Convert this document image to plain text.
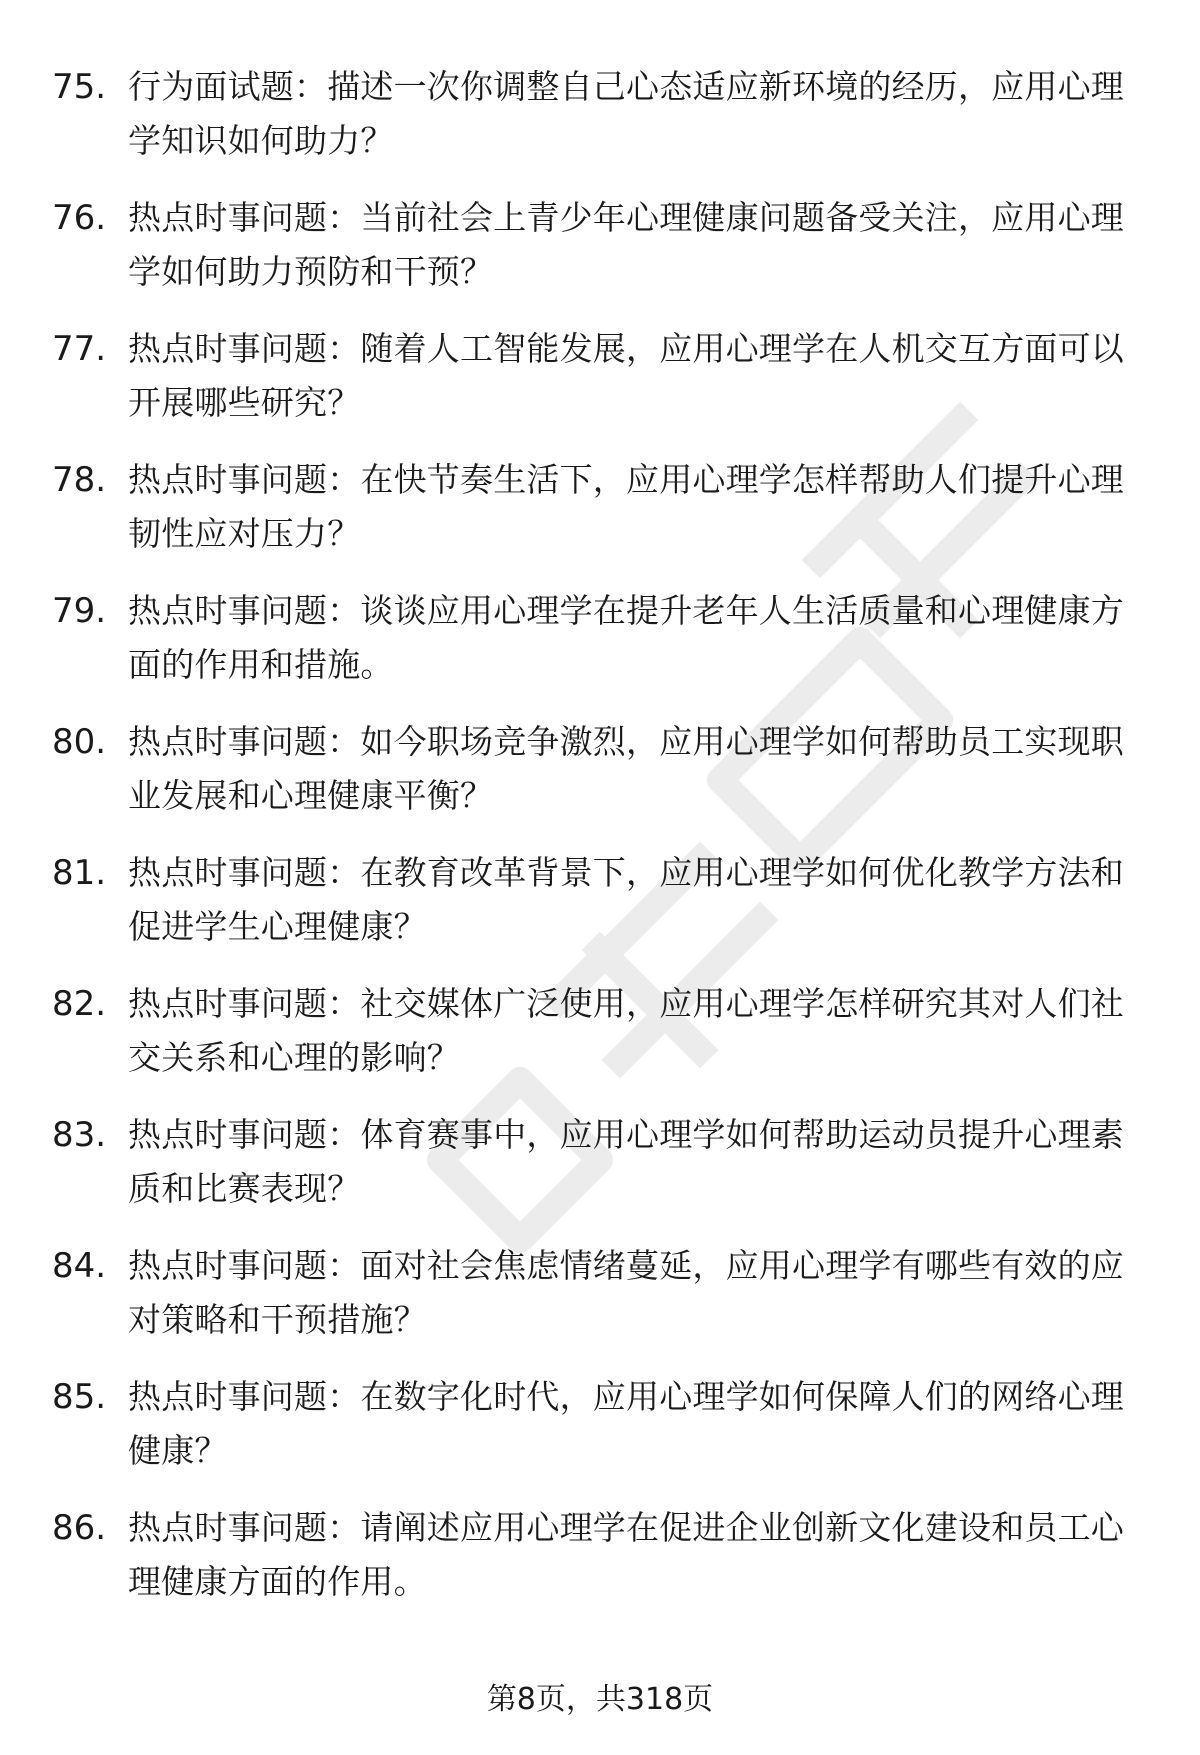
75. 行为面试题：描述一次你调整自己心态适应新环境的经历，应用心理学知识如何助力？
76. 热点时事问题：当前社会上青少年心理健康问题备受关注，应用心理学如何助力预防和干预？
77. 热点时事问题：随着人工智能发展，应用心理学在人机交互方面可以开展哪些研究？
78. 热点时事问题：在快节奏生活下，应用心理学怎样帮助人们提升心理韧性应对压力？
79. 热点时事问题：谈谈应用心理学在提升老年人生活质量和心理健康方面的作用和措施。
80. 热点时事问题：如今职场竞争激烈，应用心理学如何帮助员工实现职业发展和心理健康平衡？
81. 热点时事问题：在教育改革背景下，应用心理学如何优化教学方法和促进学生心理健康？
82. 热点时事问题：社交媒体广泛使用，应用心理学怎样研究其对人们社交关系和心理的影响？
83. 热点时事问题：体育赛事中，应用心理学如何帮助运动员提升心理素质和比赛表现？
84. 热点时事问题：面对社会焦虑情绪蔓延，应用心理学有哪些有效的应对策略和干预措施？
85. 热点时事问题：在数字化时代，应用心理学如何保障人们的网络心理健康？
86. 热点时事问题：请阐述应用心理学在促进企业创新文化建设和员工心理健康方面的作用。
第8页，共318页
